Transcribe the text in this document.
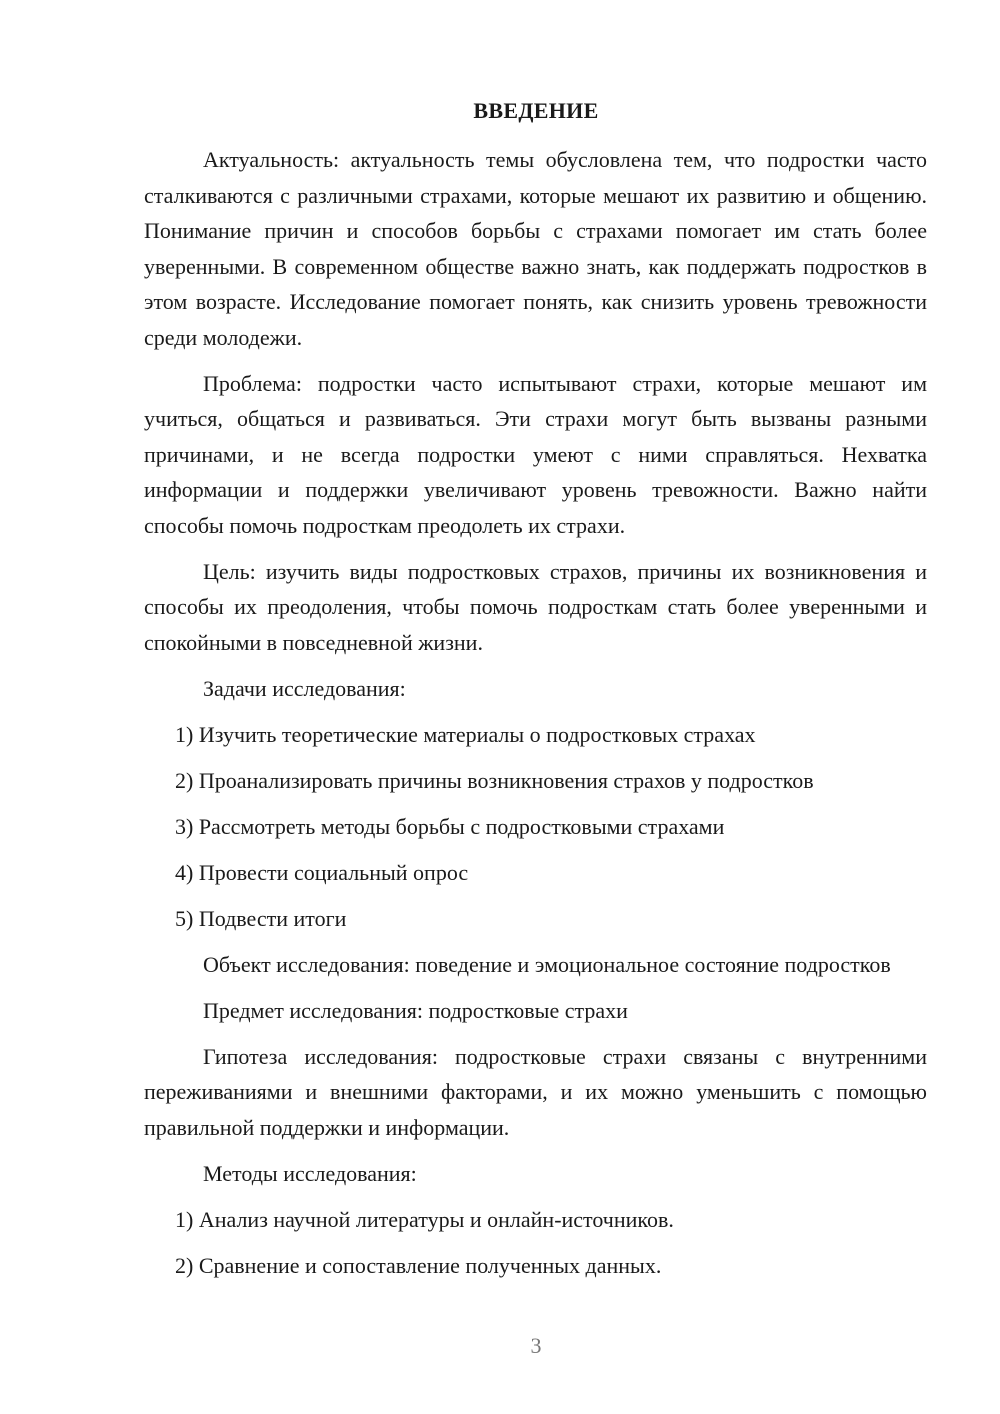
ВВЕДЕНИЕ

Актуальность: актуальность темы обусловлена тем, что подростки часто сталкиваются с различными страхами, которые мешают их развитию и общению. Понимание причин и способов борьбы с страхами помогает им стать более уверенными. В современном обществе важно знать, как поддержать подростков в этом возрасте. Исследование помогает понять, как снизить уровень тревожности среди молодежи.

Проблема: подростки часто испытывают страхи, которые мешают им учиться, общаться и развиваться. Эти страхи могут быть вызваны разными причинами, и не всегда подростки умеют с ними справляться. Нехватка информации и поддержки увеличивают уровень тревожности. Важно найти способы помочь подросткам преодолеть их страхи.

Цель: изучить виды подростковых страхов, причины их возникновения и способы их преодоления, чтобы помочь подросткам стать более уверенными и спокойными в повседневной жизни.

Задачи исследования:

1) Изучить теоретические материалы о подростковых страхах

2) Проанализировать причины возникновения страхов у подростков

3) Рассмотреть методы борьбы с подростковыми страхами

4) Провести социальный опрос

5) Подвести итоги

Объект исследования: поведение и эмоциональное состояние подростков

Предмет исследования: подростковые страхи

Гипотеза исследования: подростковые страхи связаны с внутренними переживаниями и внешними факторами, и их можно уменьшить с помощью правильной поддержки и информации.

Методы исследования:

1) Анализ научной литературы и онлайн-источников.

2) Сравнение и сопоставление полученных данных.

3
